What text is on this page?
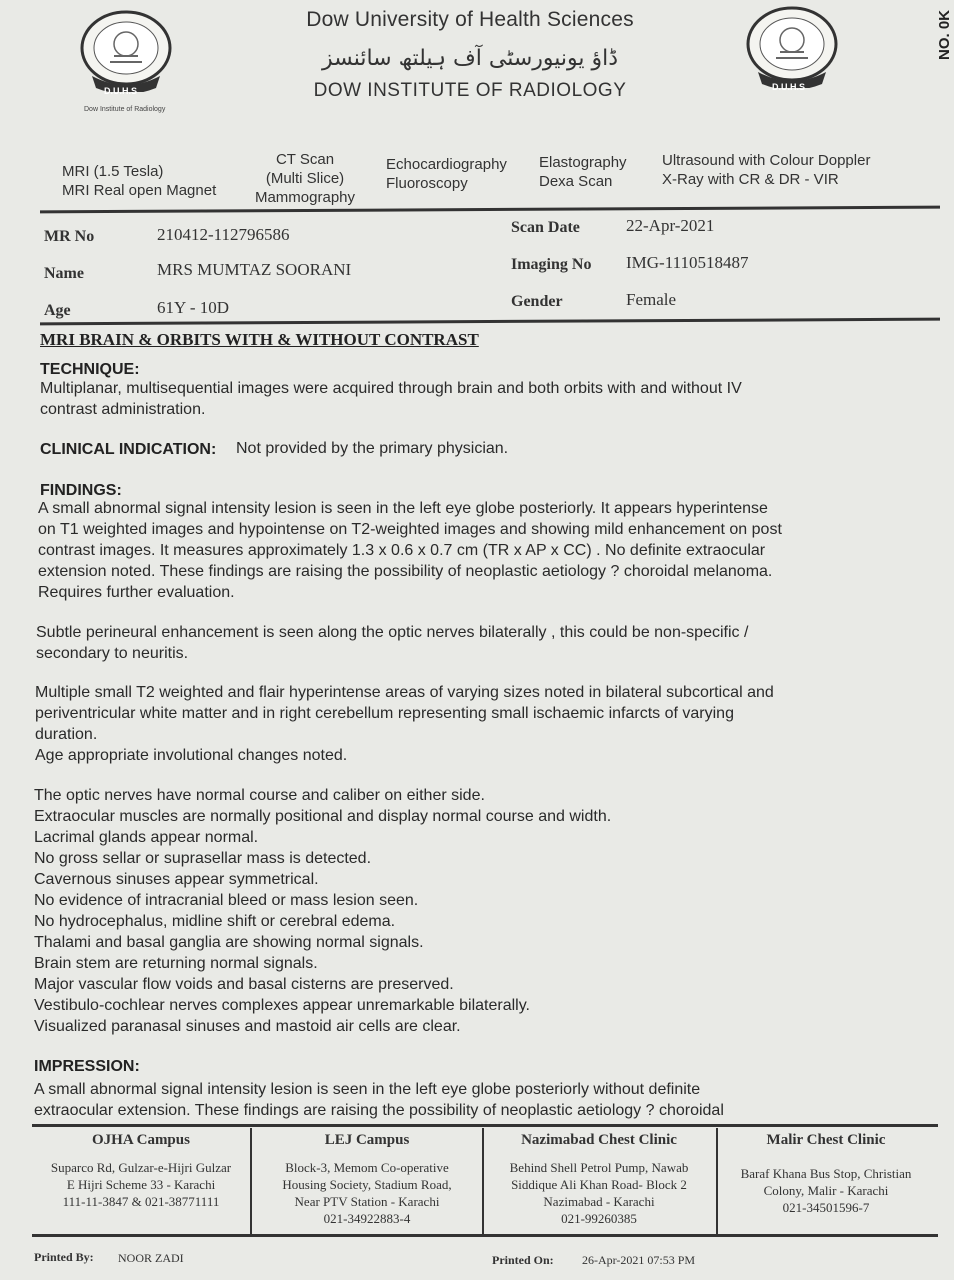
D.U.H.S
Dow Institute of Radiology
D.U.H.S
Dow University of Health Sciences
ڈاؤ یونیورسٹی آف ہیلتھ سائنسز
DOW INSTITUTE OF RADIOLOGY
MRI (1.5 Tesla)
MRI Real open Magnet
CT Scan
(Multi Slice)
Mammography
Echocardiography
Fluoroscopy
Elastography
Dexa Scan
Ultrasound with Colour Doppler
X-Ray with CR & DR - VIR
MR No	210412-112796586
Name	MRS MUMTAZ SOORANI
Age	61Y - 10D
Scan Date	22-Apr-2021
Imaging No IMG-1110518487
Gender	Female
MRI BRAIN & ORBITS WITH & WITHOUT CONTRAST
TECHNIQUE:
Multiplanar, multisequential images were acquired through brain and both orbits with and without IV
contrast administration.
CLINICAL INDICATION: Not provided by the primary physician.
FINDINGS:
A small abnormal signal intensity lesion is seen in the left eye globe posteriorly. It appears hyperintense
on T1 weighted images and hypointense on T2-weighted images and showing mild enhancement on post
contrast images. It measures approximately 1.3 x 0.6 x 0.7 cm (TR x AP x CC) . No definite extraocular
extension noted. These findings are raising the possibility of neoplastic aetiology ? choroidal melanoma.
Requires further evaluation.
Subtle perineural enhancement is seen along the optic nerves bilaterally , this could be non-specific /
secondary to neuritis.
Multiple small T2 weighted and flair hyperintense areas of varying sizes noted in bilateral subcortical and
periventricular white matter and in right cerebellum representing small ischaemic infarcts of varying
duration.
Age appropriate involutional changes noted.
The optic nerves have normal course and caliber on either side.
Extraocular muscles are normally positional and display normal course and width.
Lacrimal glands appear normal.
No gross sellar or suprasellar mass is detected.
Cavernous sinuses appear symmetrical.
No evidence of intracranial bleed or mass lesion seen.
No hydrocephalus, midline shift or cerebral edema.
Thalami and basal ganglia are showing normal signals.
Brain stem are returning normal signals.
Major vascular flow voids and basal cisterns are preserved.
Vestibulo-cochlear nerves complexes appear unremarkable bilaterally.
Visualized paranasal sinuses and mastoid air cells are clear.
IMPRESSION:
A small abnormal signal intensity lesion is seen in the left eye globe posteriorly without definite
extraocular extension. These findings are raising the possibility of neoplastic aetiology ? choroidal
OJHA Campus
Suparco Rd, Gulzar-e-Hijri Gulzar
E Hijri Scheme 33 - Karachi
111-11-3847 & 021-38771111
LEJ Campus
Block-3, Memom Co-operative
Housing Society, Stadium Road,
Near PTV Station - Karachi
021-34922883-4
Nazimabad Chest Clinic
Behind Shell Petrol Pump, Nawab
Siddique Ali Khan Road- Block 2
Nazimabad - Karachi
021-99260385
Malir Chest Clinic
Baraf Khana Bus Stop, Christian
Colony, Malir - Karachi
021-34501596-7
Printed By: NOOR ZADI	Printed On: 26-Apr-2021 07:53 PM
NO. 0K
